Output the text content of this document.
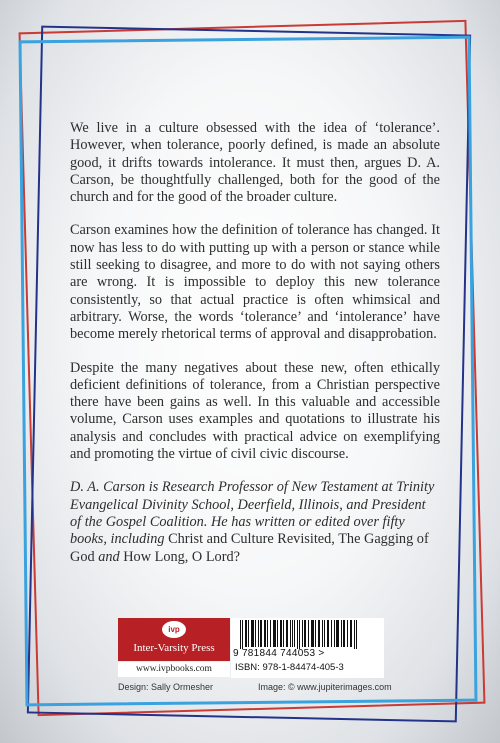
We live in a culture obsessed with the idea of ‘tolerance’. However, when tolerance, poorly defined, is made an absolute good, it drifts towards intolerance. It must then, argues D. A. Carson, be thoughtfully challenged, both for the good of the church and for the good of the broader culture.

Carson examines how the definition of tolerance has changed. It now has less to do with putting up with a person or stance while still seeking to disagree, and more to do with not saying others are wrong. It is impossible to deploy this new tolerance consistently, so that actual practice is often whimsical and arbitrary. Worse, the words ‘tolerance’ and ‘intolerance’ have become merely rhetorical terms of approval and disapprobation.

Despite the many negatives about these new, often ethically deficient definitions of tolerance, from a Christian perspective there have been gains as well. In this valuable and accessible volume, Carson uses examples and quotations to illustrate his analysis and concludes with practical advice on exemplifying and promoting the virtue of civil civic discourse.

D. A. Carson is Research Professor of New Testament at Trinity Evangelical Divinity School, Deerfield, Illinois, and President of the Gospel Coalition. He has written or edited over fifty books, including Christ and Culture Revisited, The Gagging of God and How Long, O Lord?

ivp
Inter-Varsity Press
www.ivpbooks.com
9 781844 744053 >
ISBN: 978-1-84474-405-3
Design: Sally Ormesher	Image: © www.jupiterimages.com
